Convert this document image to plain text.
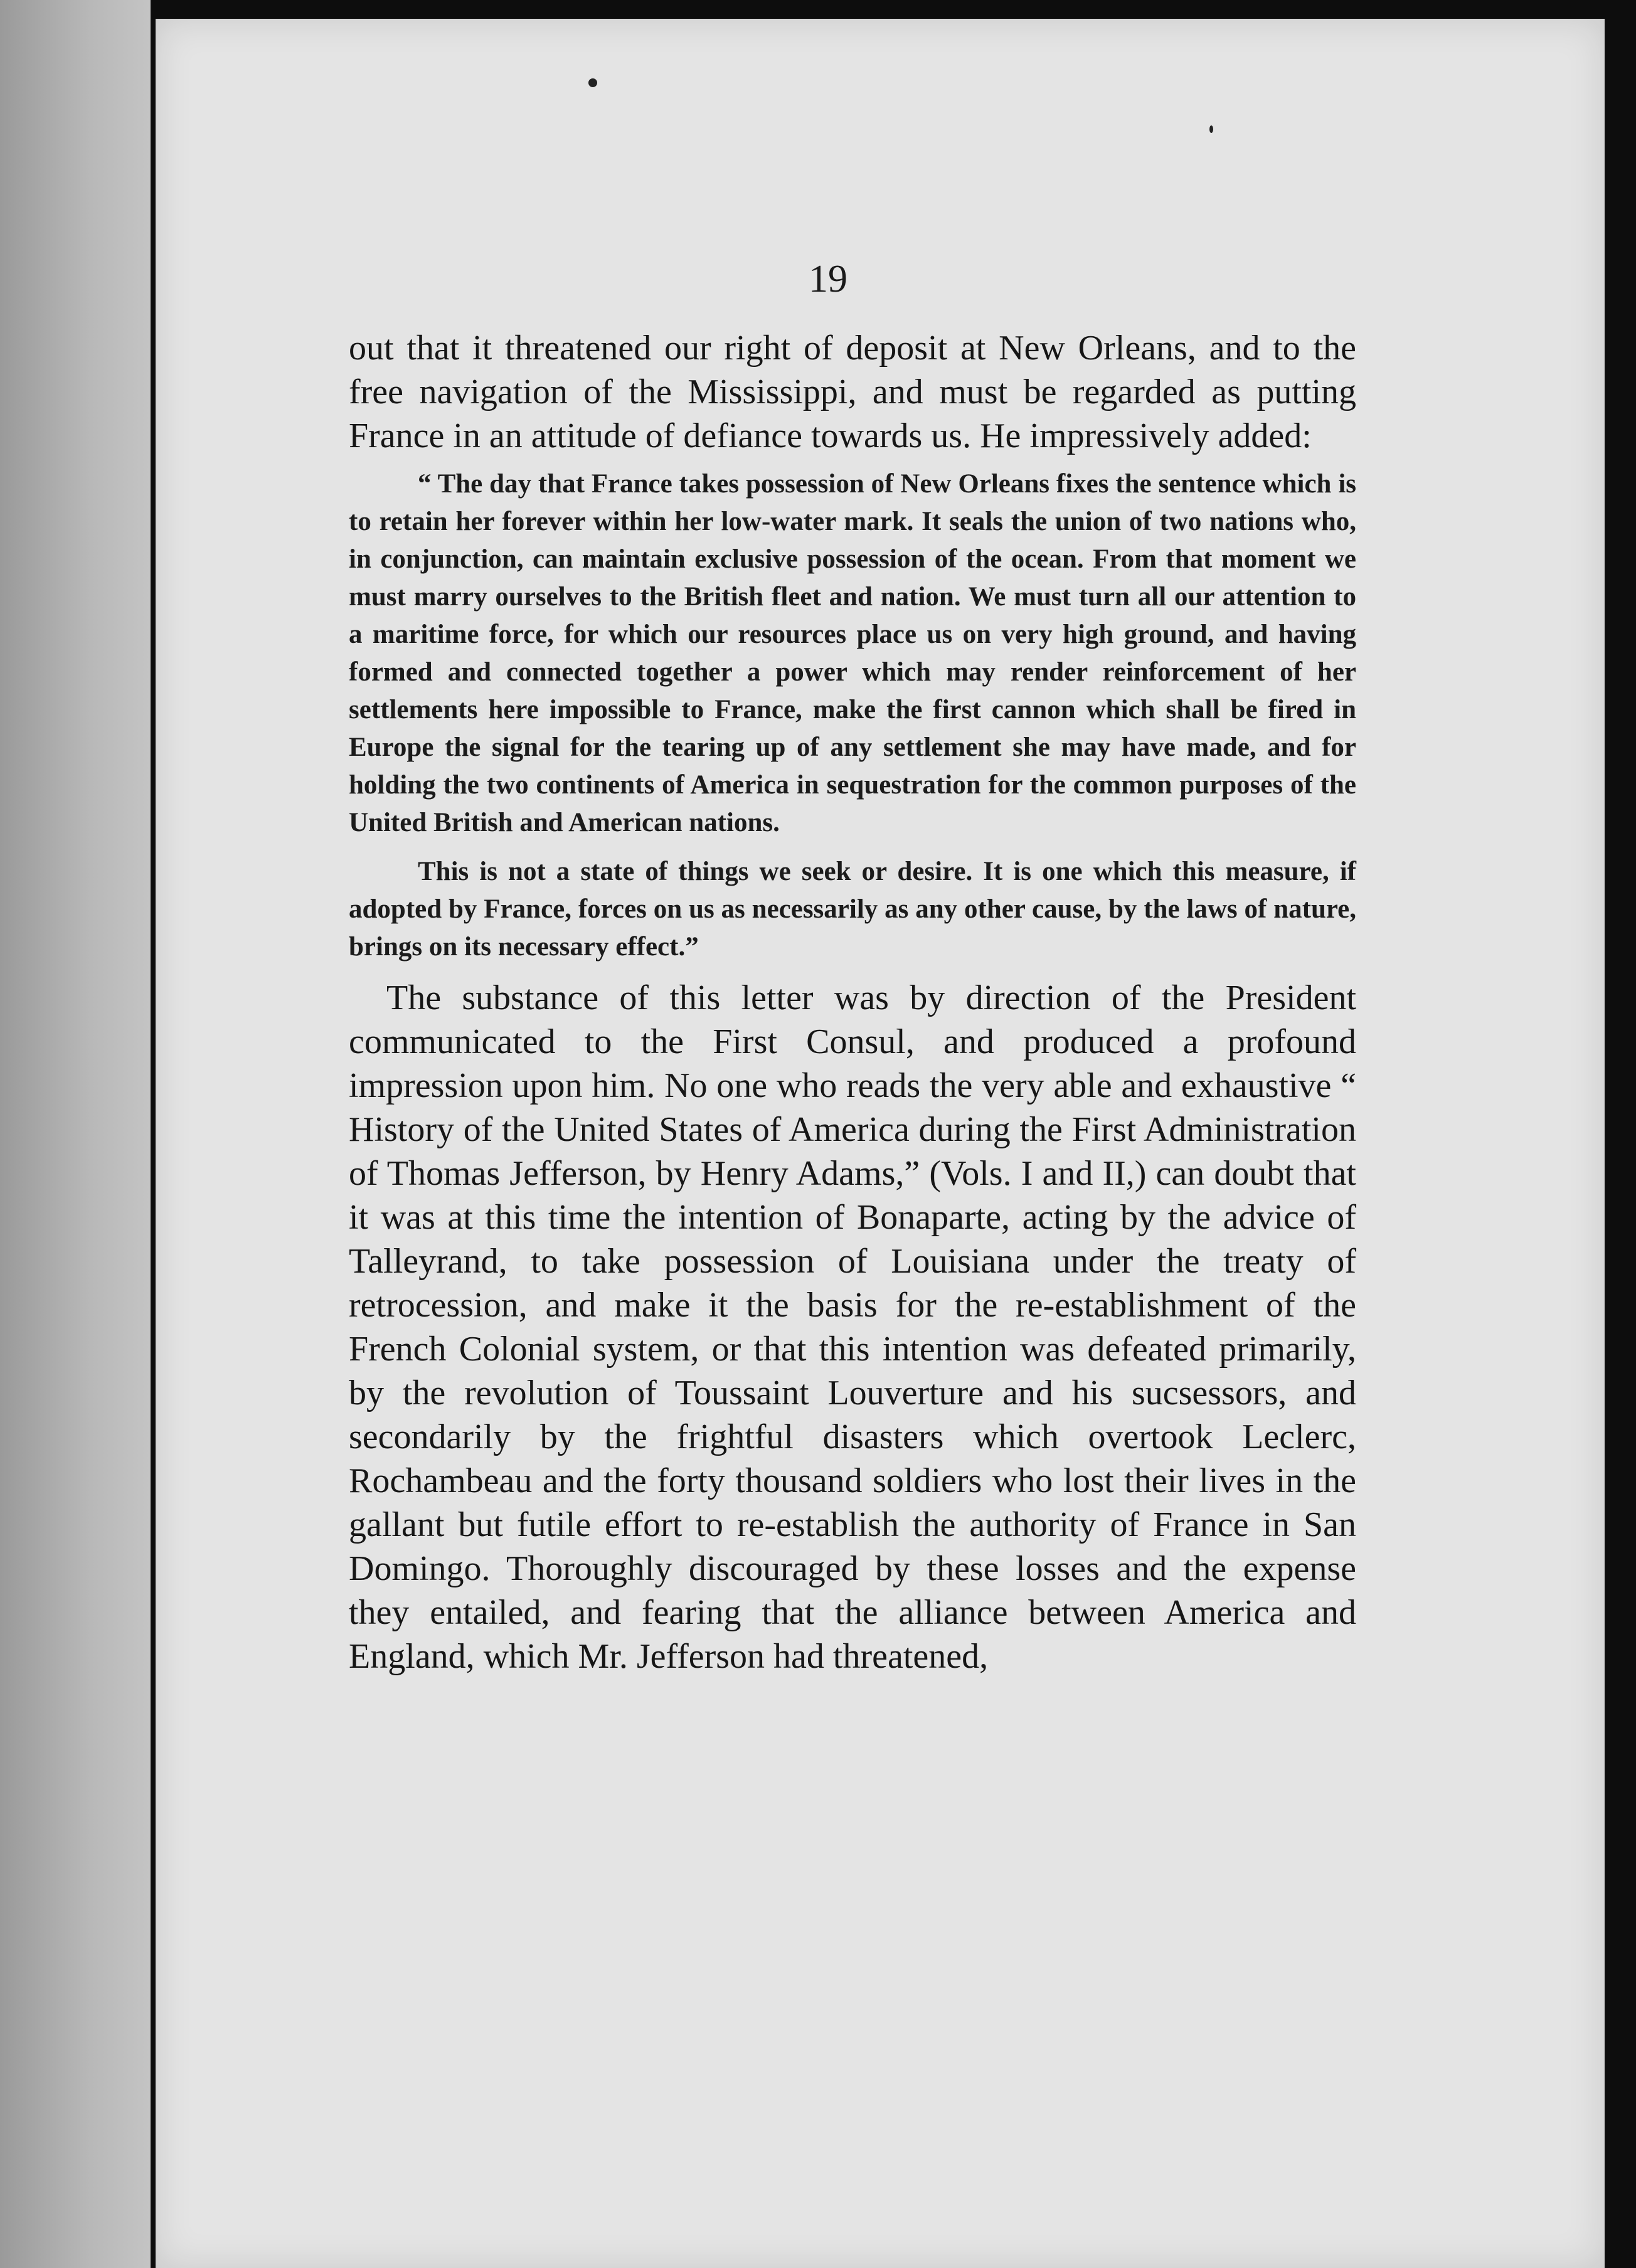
19

out that it threatened our right of deposit at New Orleans, and to the free navigation of the Mississippi, and must be regarded as putting France in an attitude of defiance towards us. He impressively added:

“ The day that France takes possession of New Orleans fixes the sentence which is to retain her forever within her low-water mark. It seals the union of two nations who, in conjunction, can maintain exclusive possession of the ocean. From that moment we must marry ourselves to the British fleet and nation. We must turn all our attention to a maritime force, for which our resources place us on very high ground, and having formed and connected together a power which may render reinforcement of her settlements here impossible to France, make the first cannon which shall be fired in Europe the signal for the tearing up of any settlement she may have made, and for holding the two continents of America in sequestration for the common purposes of the United British and American nations.

This is not a state of things we seek or desire. It is one which this measure, if adopted by France, forces on us as necessarily as any other cause, by the laws of nature, brings on its necessary effect.”

The substance of this letter was by direction of the President communicated to the First Consul, and produced a profound impression upon him. No one who reads the very able and exhaustive “ History of the United States of America during the First Administration of Thomas Jefferson, by Henry Adams,” (Vols. I and II,) can doubt that it was at this time the intention of Bonaparte, acting by the advice of Talleyrand, to take possession of Louisiana under the treaty of retrocession, and make it the basis for the re-establishment of the French Colonial system, or that this intention was defeated primarily, by the revolution of Toussaint Louverture and his sucsessors, and secondarily by the frightful disasters which overtook Leclerc, Rochambeau and the forty thousand soldiers who lost their lives in the gallant but futile effort to re-establish the authority of France in San Domingo. Thoroughly discouraged by these losses and the expense they entailed, and fearing that the alliance between America and England, which Mr. Jefferson had threatened,
